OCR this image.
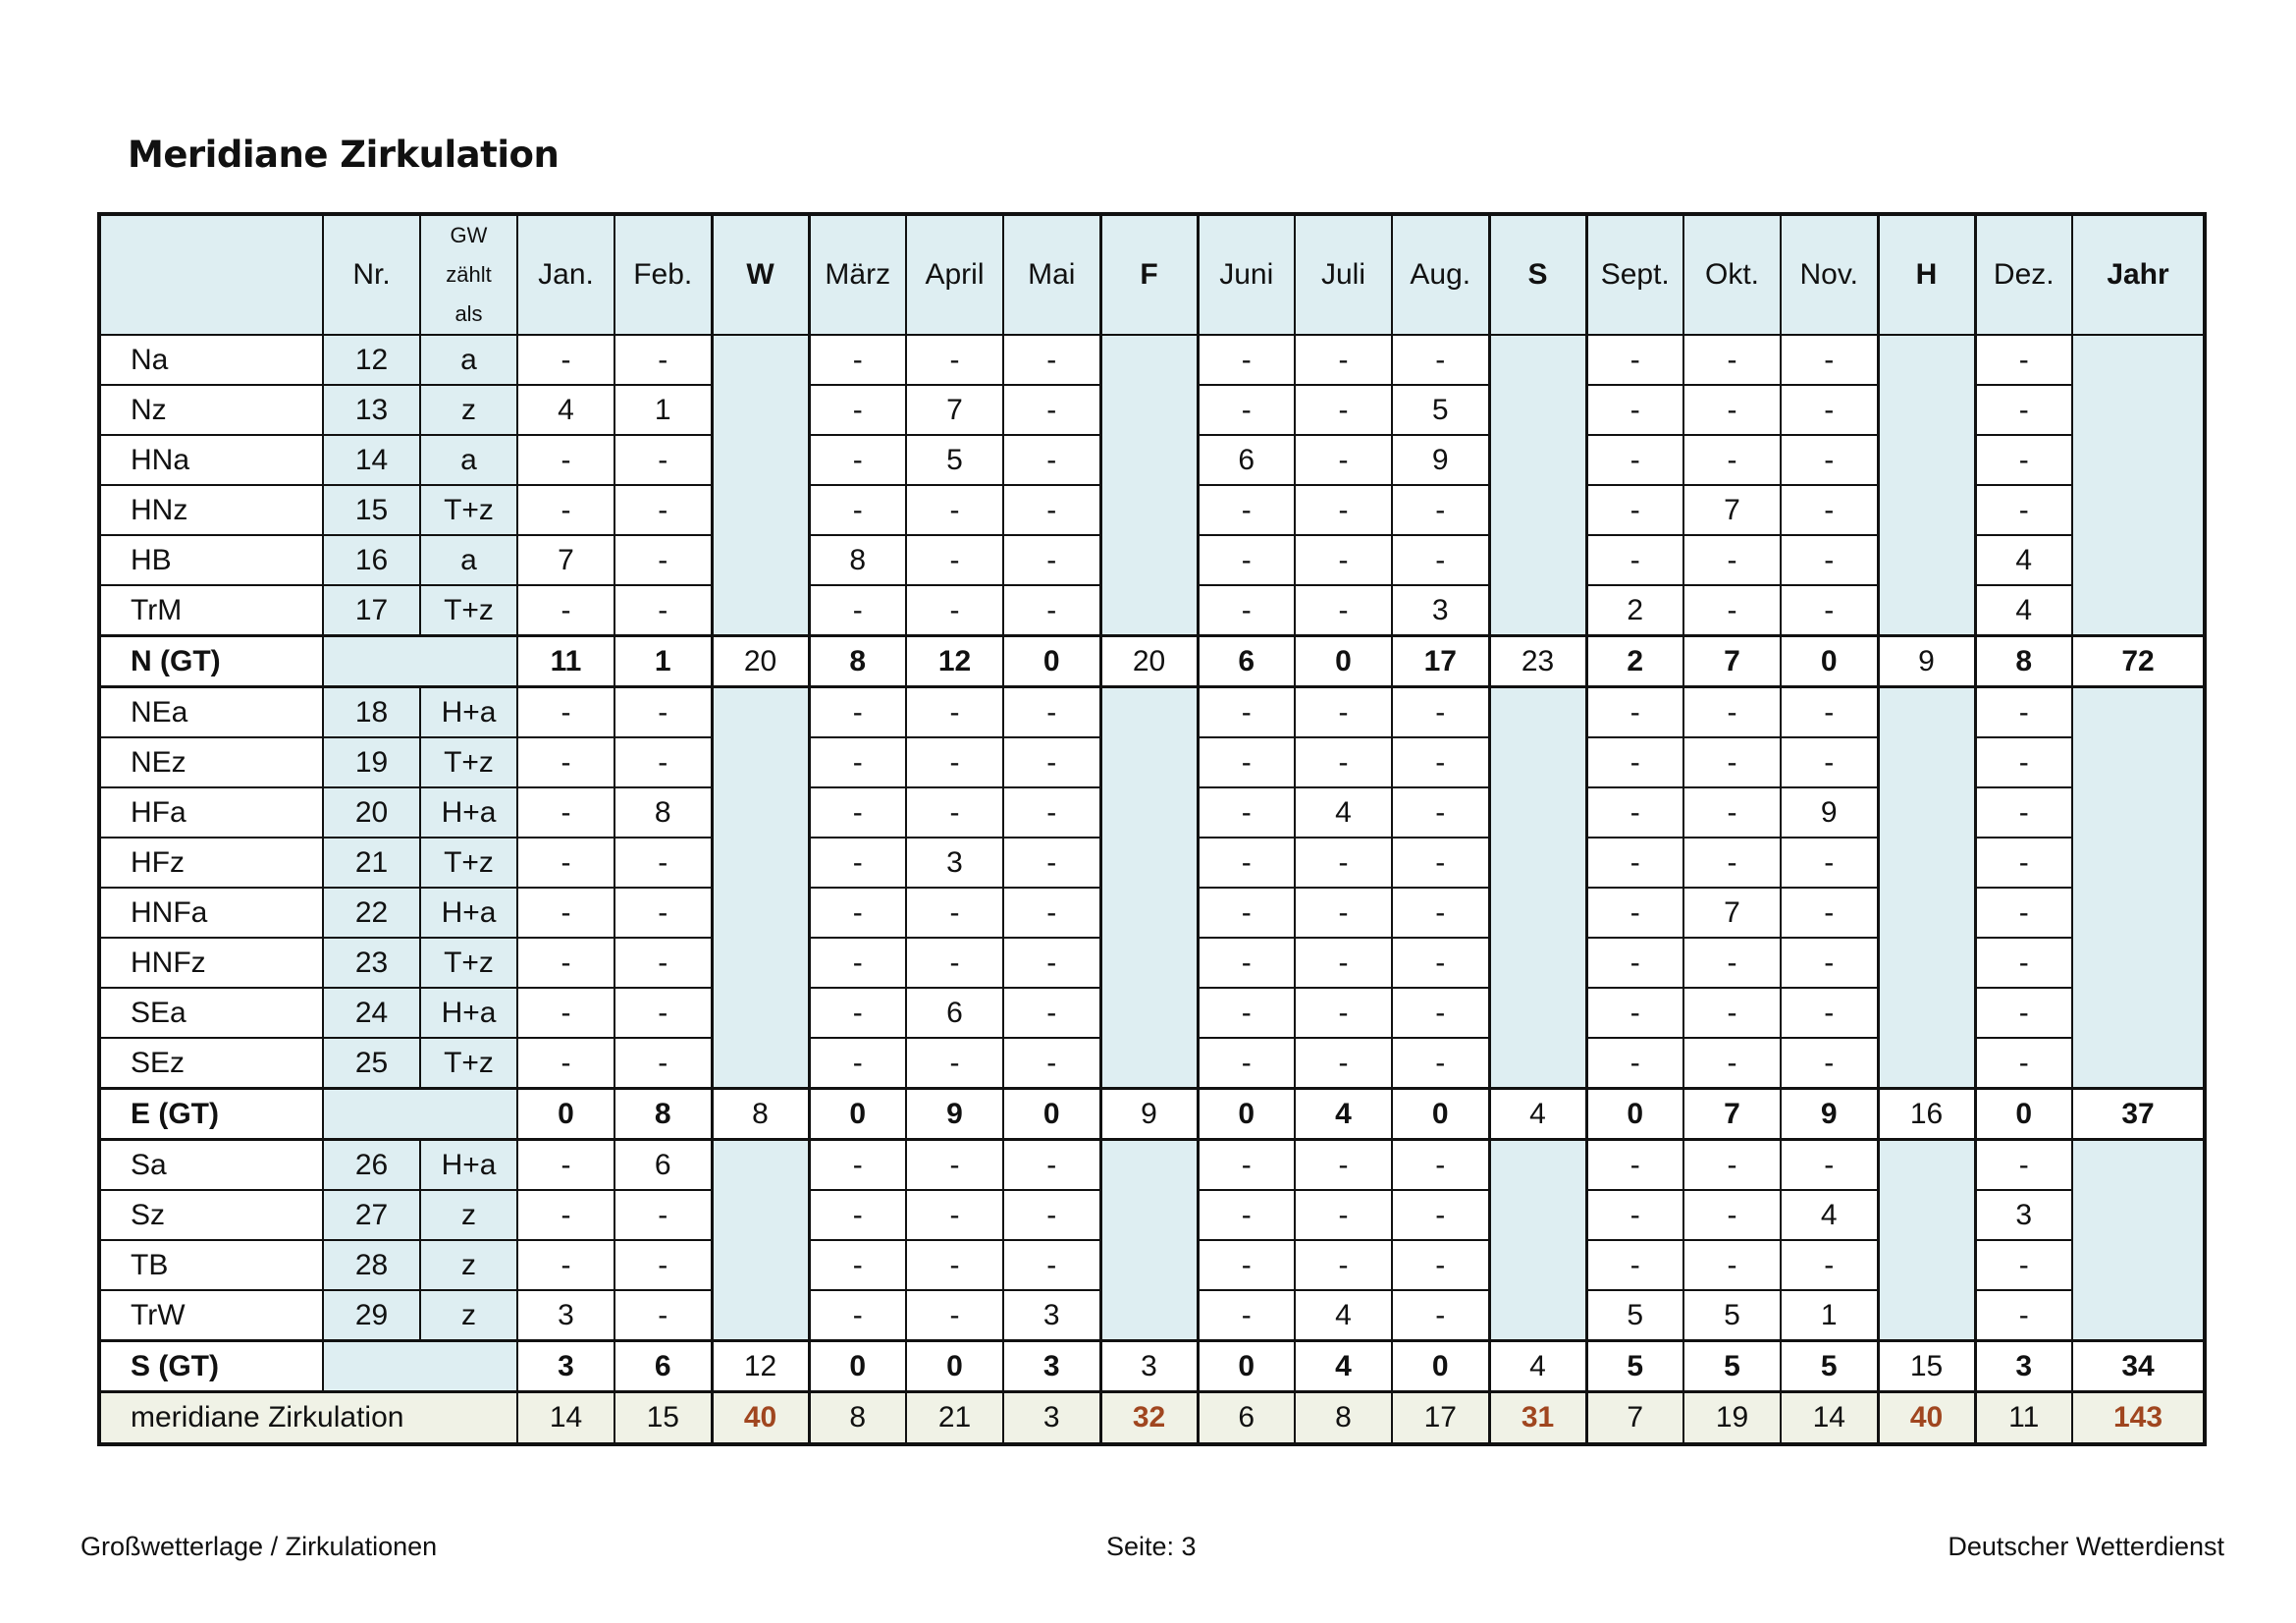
Meridiane Zirkulation
	Nr.	GW
zählt
als	Jan.	Feb.	W	März	April	Mai	F	Juni	Juli	Aug.	S	Sept.	Okt.	Nov.	H	Dez.	Jahr
Na	12	a	-	-		-	-	-		-	-	-		-	-	-		-	
Nz	13	z	4	1		-	7	-		-	-	5		-	-	-		-	
HNa	14	a	-	-		-	5	-		6	-	9		-	-	-		-	
HNz	15	T+z	-	-		-	-	-		-	-	-		-	7	-		-	
HB	16	a	7	-		8	-	-		-	-	-		-	-	-		4	
TrM	17	T+z	-	-		-	-	-		-	-	3		2	-	-		4	
N (GT)			11	1	20	8	12	0	20	6	0	17	23	2	7	0	9	8	72
NEa	18	H+a	-	-		-	-	-		-	-	-		-	-	-		-	
NEz	19	T+z	-	-		-	-	-		-	-	-		-	-	-		-	
HFa	20	H+a	-	8		-	-	-		-	4	-		-	-	9		-	
HFz	21	T+z	-	-		-	3	-		-	-	-		-	-	-		-	
HNFa	22	H+a	-	-		-	-	-		-	-	-		-	7	-		-	
HNFz	23	T+z	-	-		-	-	-		-	-	-		-	-	-		-	
SEa	24	H+a	-	-		-	6	-		-	-	-		-	-	-		-	
SEz	25	T+z	-	-		-	-	-		-	-	-		-	-	-		-	
E (GT)			0	8	8	0	9	0	9	0	4	0	4	0	7	9	16	0	37
Sa	26	H+a	-	6		-	-	-		-	-	-		-	-	-		-	
Sz	27	z	-	-		-	-	-		-	-	-		-	-	4		3	
TB	28	z	-	-		-	-	-		-	-	-		-	-	-		-	
TrW	29	z	3	-		-	-	3		-	4	-		5	5	1		-	
S (GT)			3	6	12	0	0	3	3	0	4	0	4	5	5	5	15	3	34
meridiane Zirkulation			14	15	40	8	21	3	32	6	8	17	31	7	19	14	40	11	143
Großwetterlage / Zirkulationen	Seite: 3	Deutscher Wetterdienst
